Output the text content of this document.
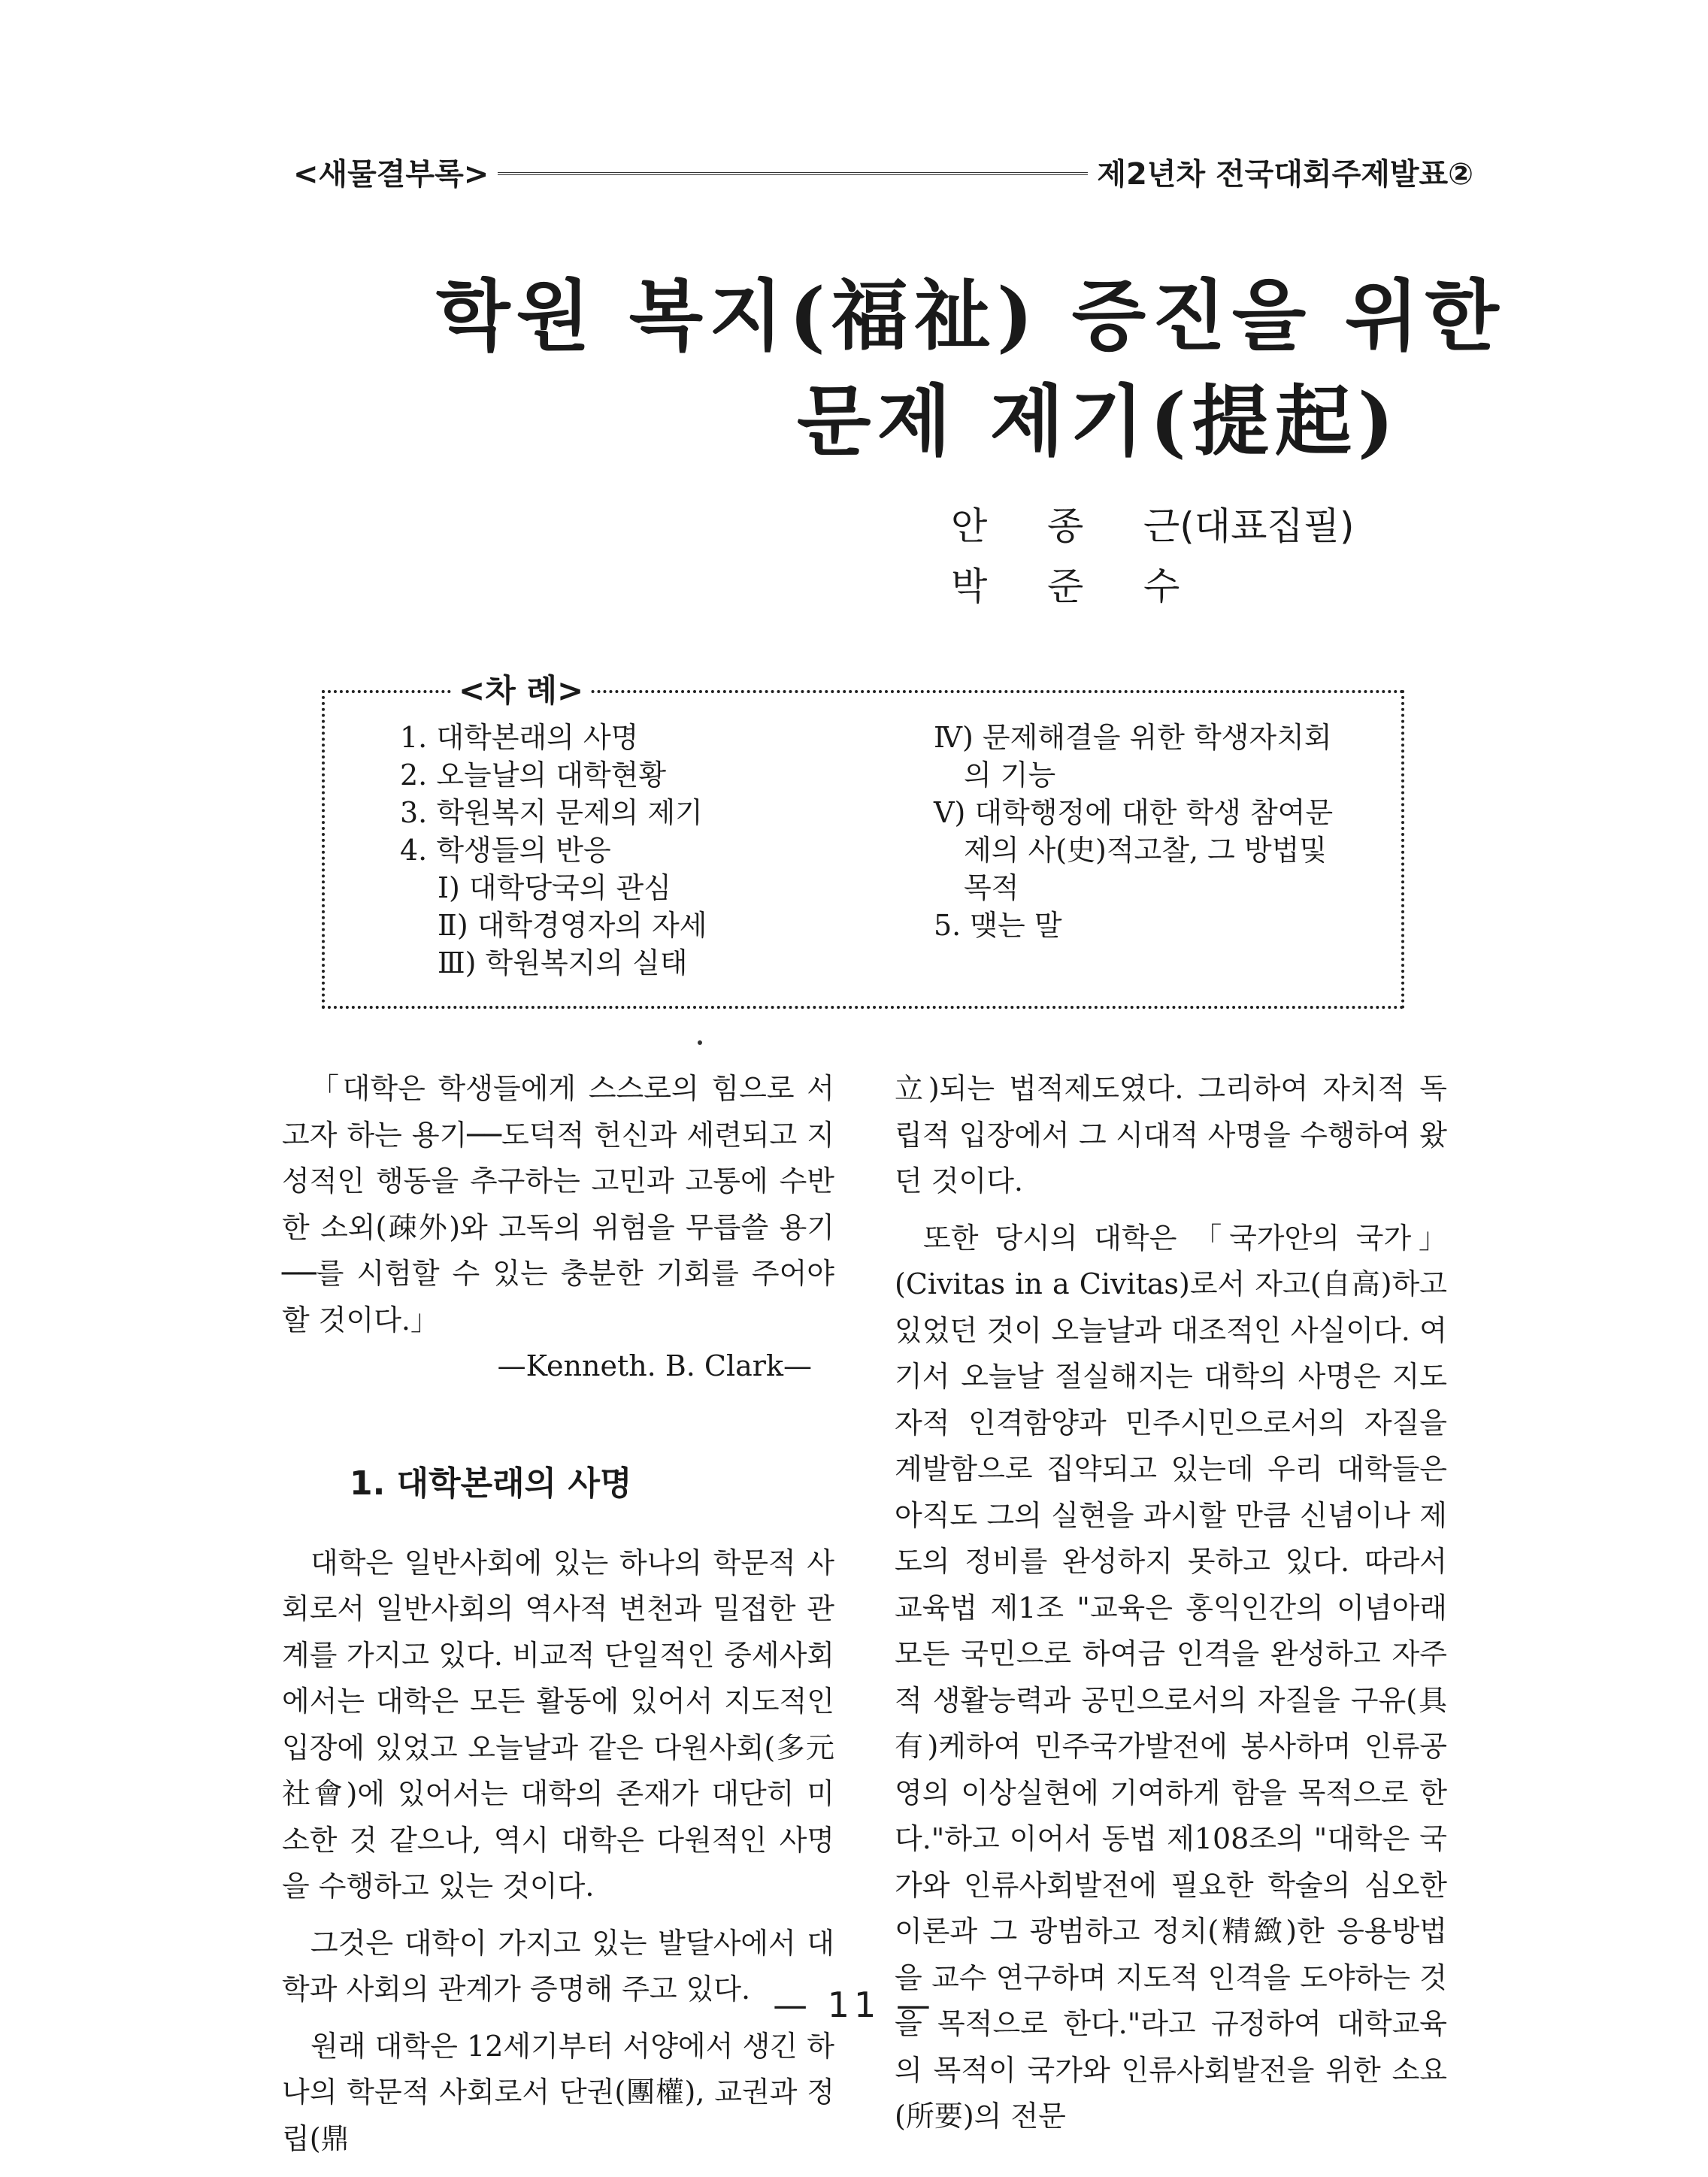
<새물결부록>	제2년차 전국대회주제발표②
학원 복지(福祉) 증진을 위한
문제 제기(提起)
안	종	근(대표집필)
박	준	수
<차 례>
1. 대학본래의 사명
2. 오늘날의 대학현황
3. 학원복지 문제의 제기
4. 학생들의 반응
Ⅰ) 대학당국의 관심
Ⅱ) 대학경영자의 자세
Ⅲ) 학원복지의 실태
Ⅳ) 문제해결을 위한 학생자치회의 기능
Ⅴ) 대학행정에 대한 학생 참여문제의 사(史)적고찰, 그 방법및 목적
5. 맺는 말

「대학은 학생들에게 스스로의 힘으로 서고자 하는 용기──도덕적 헌신과 세련되고 지성적인 행동을 추구하는 고민과 고통에 수반한 소외(疎外)와 고독의 위험을 무릅쓸 용기──를 시험할 수 있는 충분한 기회를 주어야 할 것이다.」

—Kenneth. B. Clark—

1. 대학본래의 사명

대학은 일반사회에 있는 하나의 학문적 사회로서 일반사회의 역사적 변천과 밀접한 관계를 가지고 있다. 비교적 단일적인 중세사회에서는 대학은 모든 활동에 있어서 지도적인 입장에 있었고 오늘날과 같은 다원사회(多元社會)에 있어서는 대학의 존재가 대단히 미소한 것 같으나, 역시 대학은 다원적인 사명을 수행하고 있는 것이다.

그것은 대학이 가지고 있는 발달사에서 대학과 사회의 관계가 증명해 주고 있다.

원래 대학은 12세기부터 서양에서 생긴 하나의 학문적 사회로서 단권(團權), 교권과 정립(鼎

立)되는 법적제도였다. 그리하여 자치적 독립적 입장에서 그 시대적 사명을 수행하여 왔던 것이다.

또한 당시의 대학은 「국가안의 국가」(Civitas in a Civitas)로서 자고(自高)하고 있었던 것이 오늘날과 대조적인 사실이다. 여기서 오늘날 절실해지는 대학의 사명은 지도자적 인격함양과 민주시민으로서의 자질을 계발함으로 집약되고 있는데 우리 대학들은 아직도 그의 실현을 과시할 만큼 신념이나 제도의 정비를 완성하지 못하고 있다. 따라서 교육법 제1조 "교육은 홍익인간의 이념아래 모든 국민으로 하여금 인격을 완성하고 자주적 생활능력과 공민으로서의 자질을 구유(具有)케하여 민주국가발전에 봉사하며 인류공영의 이상실현에 기여하게 함을 목적으로 한다."하고 이어서 동법 제108조의 "대학은 국가와 인류사회발전에 필요한 학술의 심오한 이론과 그 광범하고 정치(精緻)한 응용방법을 교수 연구하며 지도적 인격을 도야하는 것을 목적으로 한다."라고 규정하여 대학교육의 목적이 국가와 인류사회발전을 위한 소요(所要)의 전문

— 11 —
